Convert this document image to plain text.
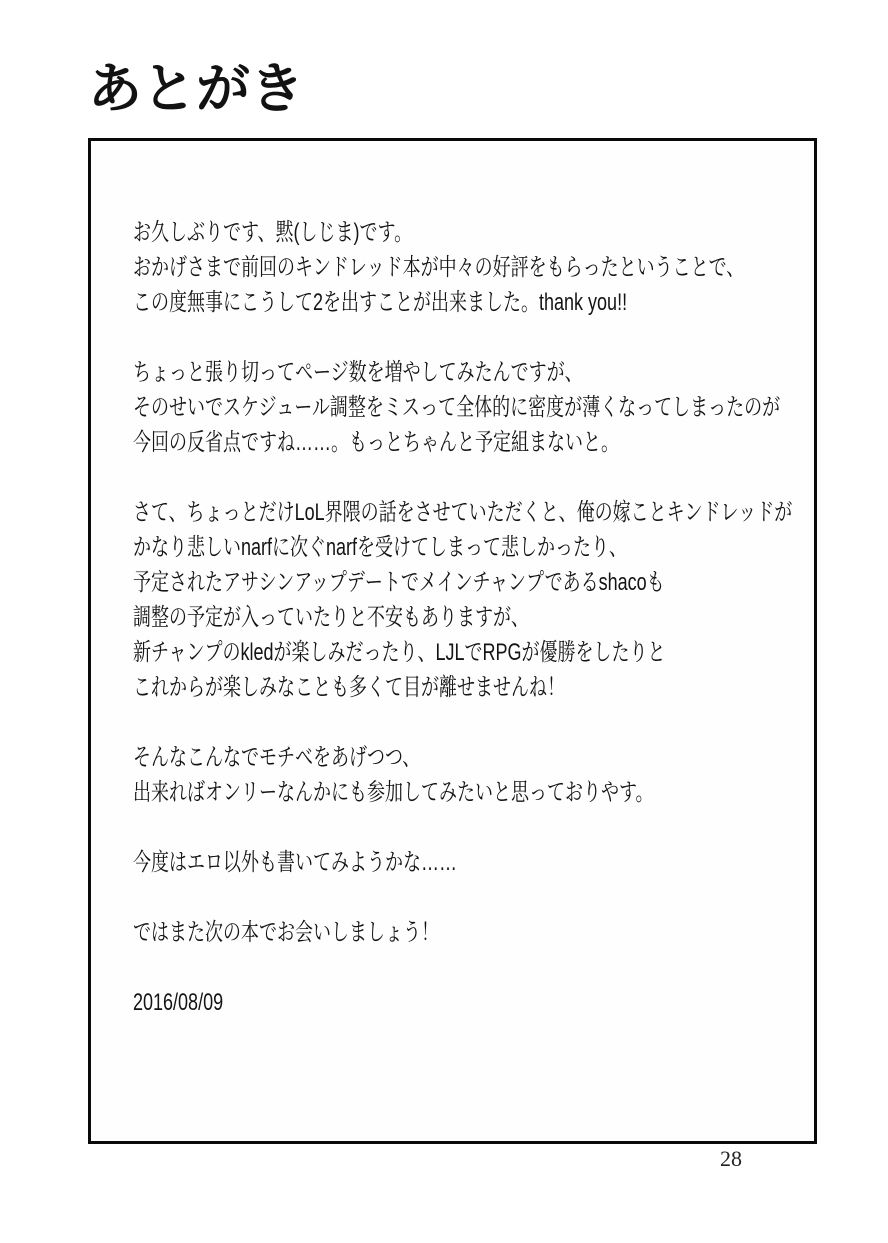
あとがき
お久しぶりです、黙(しじま)です。
おかげさまで前回のキンドレッド本が中々の好評をもらったということで、
この度無事にこうして2を出すことが出来ました。thank you!!
ちょっと張り切ってページ数を増やしてみたんですが、
そのせいでスケジュール調整をミスって全体的に密度が薄くなってしまったのが
今回の反省点ですね……。もっとちゃんと予定組まないと。
さて、ちょっとだけLoL界隈の話をさせていただくと、俺の嫁ことキンドレッドが
かなり悲しいnarfに次ぐnarfを受けてしまって悲しかったり、
予定されたアサシンアップデートでメインチャンプであるshacoも
調整の予定が入っていたりと不安もありますが、
新チャンプのkledが楽しみだったり、LJLでRPGが優勝をしたりと
これからが楽しみなことも多くて目が離せませんね！
そんなこんなでモチベをあげつつ、
出来ればオンリーなんかにも参加してみたいと思っておりやす。
今度はエロ以外も書いてみようかな……
ではまた次の本でお会いしましょう！
2016/08/09
28
